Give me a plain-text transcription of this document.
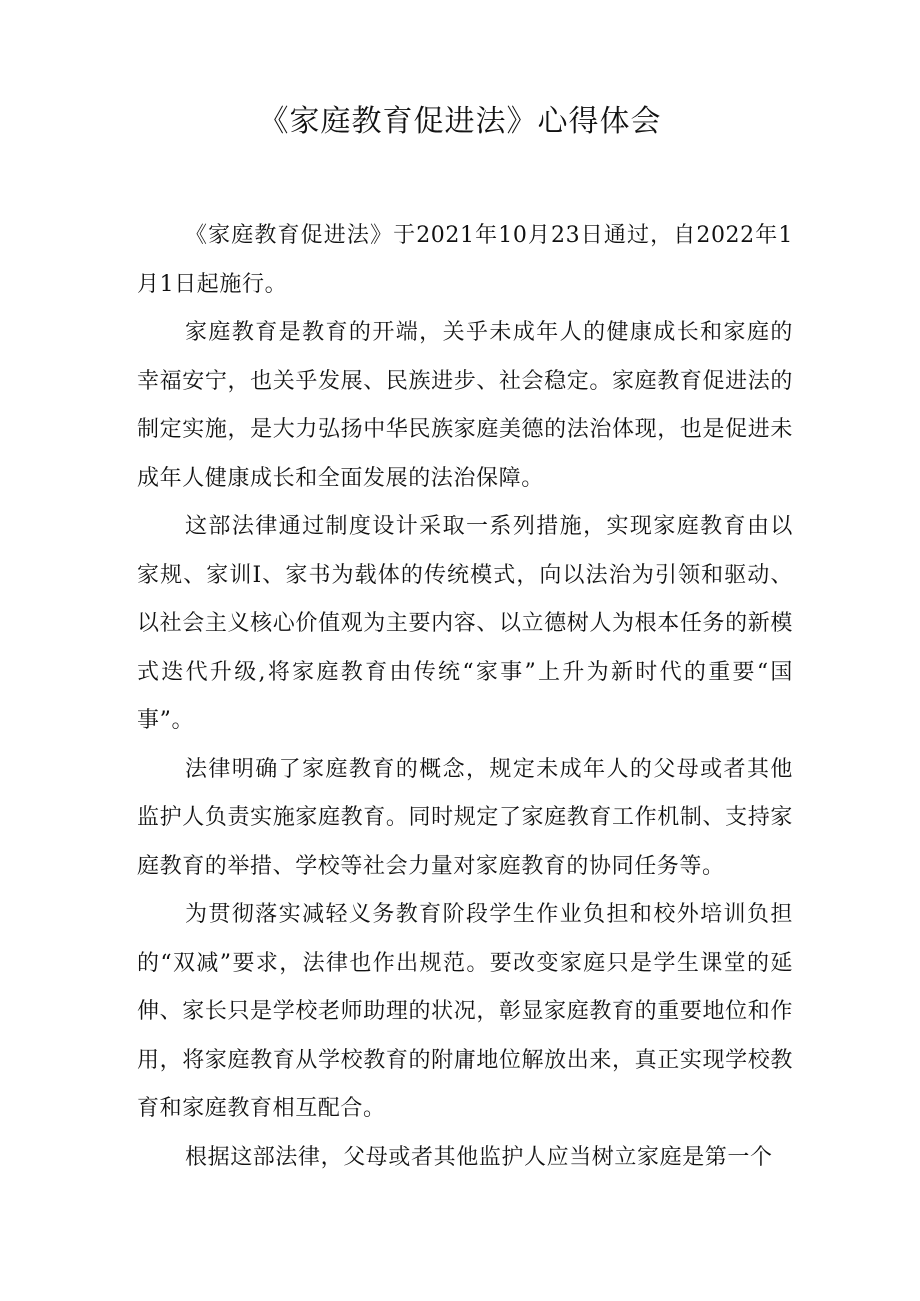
《家庭教育促进法》心得体会

《家庭教育促进法》于2021年10月23日通过，自2022年1月1日起施行。

家庭教育是教育的开端，关乎未成年人的健康成长和家庭的幸福安宁，也关乎发展、民族进步、社会稳定。家庭教育促进法的制定实施，是大力弘扬中华民族家庭美德的法治体现，也是促进未成年人健康成长和全面发展的法治保障。

这部法律通过制度设计采取一系列措施，实现家庭教育由以家规、家训I、家书为载体的传统模式，向以法治为引领和驱动、以社会主义核心价值观为主要内容、以立德树人为根本任务的新模式迭代升级,将家庭教育由传统“家事”上升为新时代的重要“国事”。

法律明确了家庭教育的概念，规定未成年人的父母或者其他监护人负责实施家庭教育。同时规定了家庭教育工作机制、支持家庭教育的举措、学校等社会力量对家庭教育的协同任务等。

为贯彻落实减轻义务教育阶段学生作业负担和校外培训负担的“双减”要求，法律也作出规范。要改变家庭只是学生课堂的延伸、家长只是学校老师助理的状况，彰显家庭教育的重要地位和作用，将家庭教育从学校教育的附庸地位解放出来，真正实现学校教育和家庭教育相互配合。

根据这部法律，父母或者其他监护人应当树立家庭是第一个
